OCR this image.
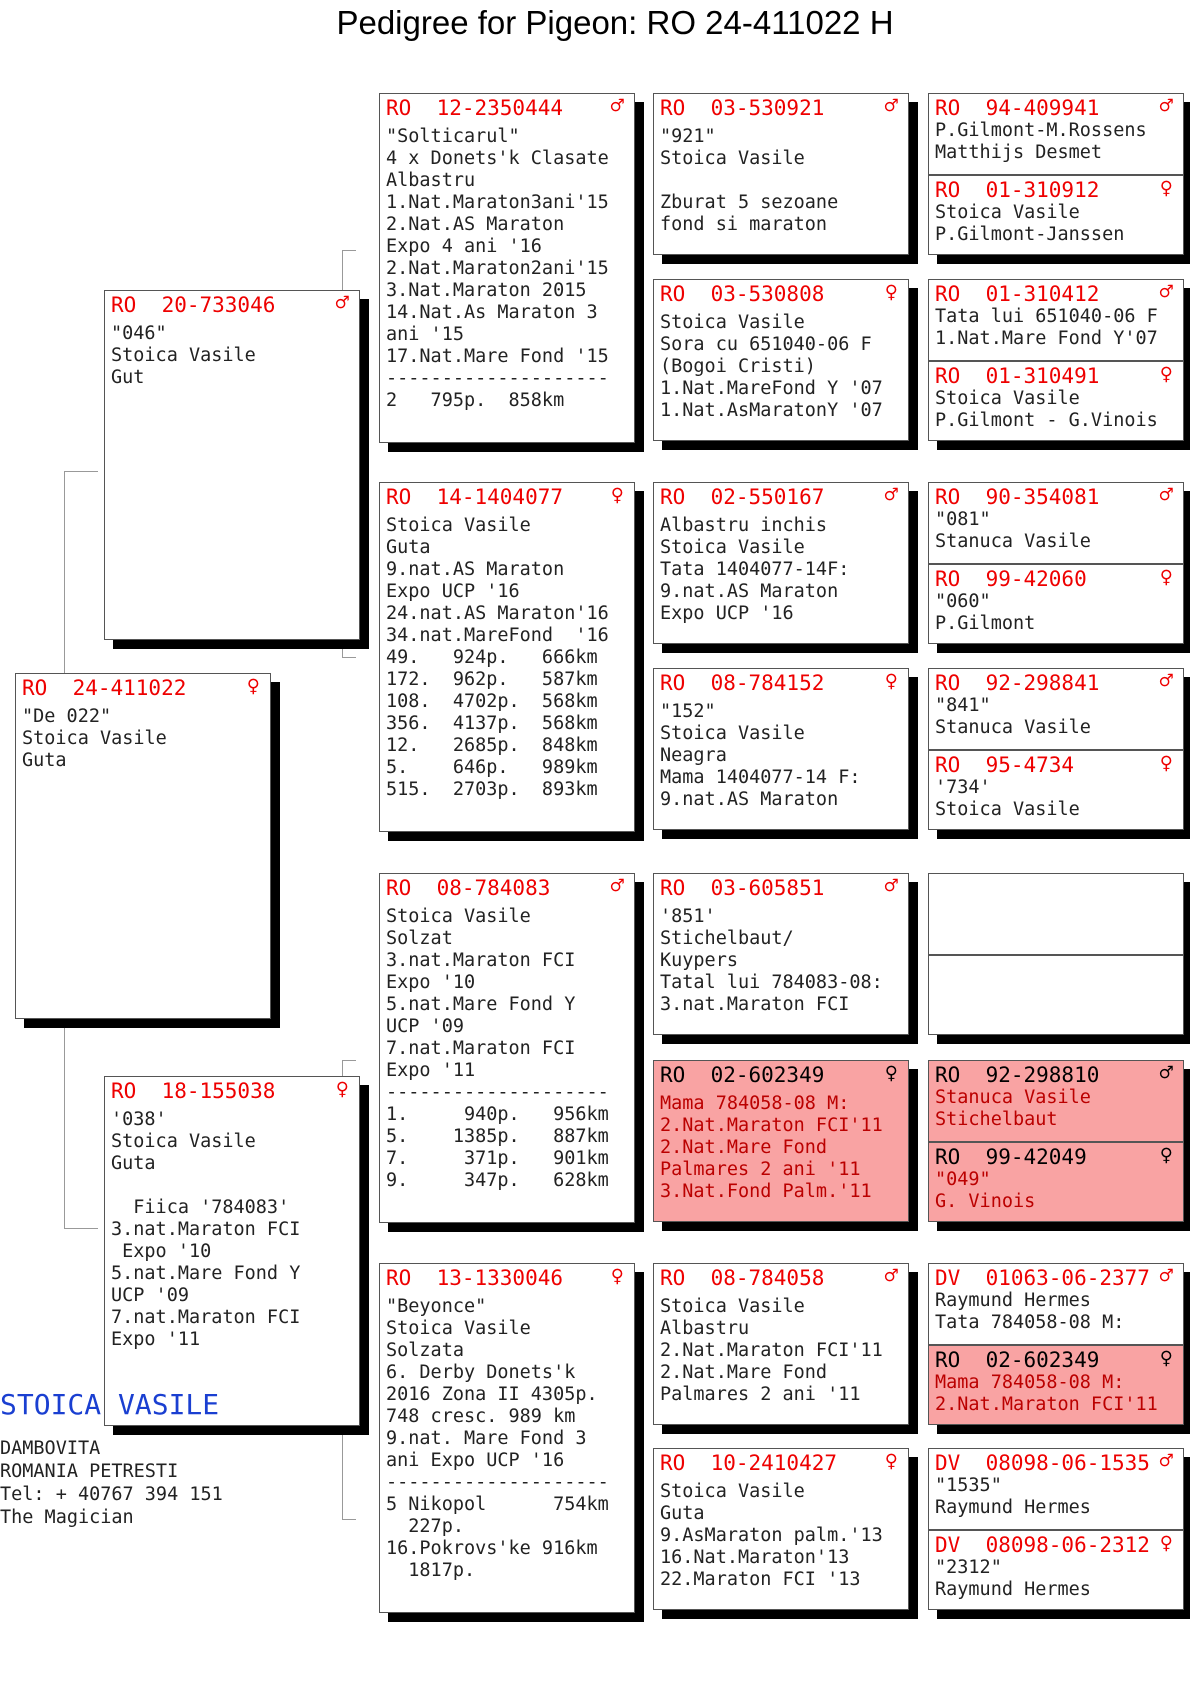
Pedigree for Pigeon: RO 24-411022 H
RO  24-411022	♀
"De 022"
Stoica Vasile
Guta
RO  20-733046	♂
"046"
Stoica Vasile
Gut
RO  18-155038	♀
'038'
Stoica Vasile
Guta
Fiica '784083'
3.nat.Maraton FCI
Expo '10
5.nat.Mare Fond Y
UCP '09
7.nat.Maraton FCI
Expo '11
RO  12-2350444 ♂
"Solticarul"
4 x Donets'k Clasate
Albastru
1.Nat.Maraton3ani'15
2.Nat.AS Maraton
Expo 4 ani '16
2.Nat.Maraton2ani'15
3.Nat.Maraton 2015
14.Nat.As Maraton 3
ani '15
17.Nat.Mare Fond '15
--------------------
2   795p.  858km
RO  14-1404077 ♀
Stoica Vasile
Guta
9.nat.AS Maraton
Expo UCP '16
24.nat.AS Maraton'16
34.nat.MareFond  '16
49.   924p.   666km
172.  962p.   587km
108.  4702p.  568km
356.  4137p.  568km
12.   2685p.  848km
5.    646p.   989km
515.  2703p.  893km
RO  08-784083	♂
Stoica Vasile
Solzat
3.nat.Maraton FCI
Expo '10
5.nat.Mare Fond Y
UCP '09
7.nat.Maraton FCI
Expo '11
--------------------
1.     940p.   956km
5.    1385p.   887km
7.     371p.   901km
9.     347p.   628km
RO  13-1330046 ♀
"Beyonce"
Stoica Vasile
Solzata
6. Derby Donets'k
2016 Zona II 4305p.
748 cresc. 989 km
9.nat. Mare Fond 3
ani Expo UCP '16
--------------------
5 Nikopol      754km
227p.
16.Pokrovs'ke 916km
1817p.
RO  03-530921	♂
"921"
Stoica Vasile
Zburat 5 sezoane
fond si maraton
RO  03-530808	♀
Stoica Vasile
Sora cu 651040-06 F
(Bogoi Cristi)
1.Nat.MareFond Y '07
1.Nat.AsMaratonY '07
RO  02-550167	♂
Albastru inchis
Stoica Vasile
Tata 1404077-14F:
9.nat.AS Maraton
Expo UCP '16
RO  08-784152	♀
"152"
Stoica Vasile
Neagra
Mama 1404077-14 F:
9.nat.AS Maraton
RO  03-605851	♂
'851'
Stichelbaut/
Kuypers
Tatal lui 784083-08:
3.nat.Maraton FCI
RO  02-602349	♀
Mama 784058-08 M:
2.Nat.Maraton FCI'11
2.Nat.Mare Fond
Palmares 2 ani '11
3.Nat.Fond Palm.'11
RO  08-784058	♂
Stoica Vasile
Albastru
2.Nat.Maraton FCI'11
2.Nat.Mare Fond
Palmares 2 ani '11
RO  10-2410427 ♀
Stoica Vasile
Guta
9.AsMaraton palm.'13
16.Nat.Maraton'13
22.Maraton FCI '13
RO  94-409941	♂
P.Gilmont-M.Rossens
Matthijs Desmet
RO  01-310912	♀
Stoica Vasile
P.Gilmont-Janssen
RO  01-310412	♂
Tata lui 651040-06 F
1.Nat.Mare Fond Y'07
RO  01-310491	♀
Stoica Vasile
P.Gilmont - G.Vinois
RO  90-354081	♂
"081"
Stanuca Vasile
RO  99-42060	♀
"060"
P.Gilmont
RO  92-298841	♂
"841"
Stanuca Vasile
RO  95-4734	♀
'734'
Stoica Vasile
RO  92-298810	♂
Stanuca Vasile
Stichelbaut
RO  99-42049	♀
"049"
G. Vinois
DV  01063-06-2377 ♂
Raymund Hermes
Tata 784058-08 M:
RO  02-602349	♀
Mama 784058-08 M:
2.Nat.Maraton FCI'11
DV  08098-06-1535 ♂
"1535"
Raymund Hermes
DV  08098-06-2312 ♀
"2312"
Raymund Hermes
STOICA VASILE
DAMBOVITA
ROMANIA PETRESTI
Tel: + 40767 394 151
The Magician
